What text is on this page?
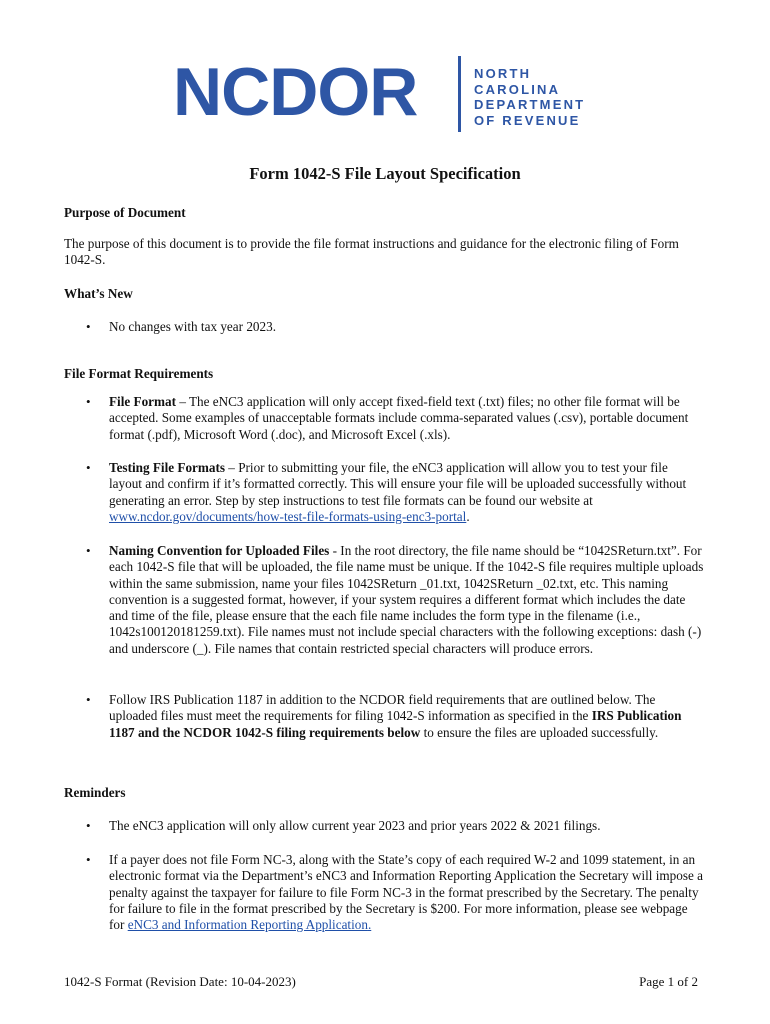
NCDOR	NORTH
CAROLINA
DEPARTMENT
OF REVENUE
Form 1042-S File Layout Specification
Purpose of Document
The purpose of this document is to provide the file format instructions and guidance for the electronic filing of Form 1042-S.
What’s New
• No changes with tax year 2023.
File Format Requirements
• File Format – The eNC3 application will only accept fixed-field text (.txt) files; no other file format will be accepted. Some examples of unacceptable formats include comma-separated values (.csv), portable document format (.pdf), Microsoft Word (.doc), and Microsoft Excel (.xls).
• Testing File Formats – Prior to submitting your file, the eNC3 application will allow you to test your file layout and confirm if it’s formatted correctly. This will ensure your file will be uploaded successfully without generating an error. Step by step instructions to test file formats can be found our website at www.ncdor.gov/documents/how-test-file-formats-using-enc3-portal.
• Naming Convention for Uploaded Files - In the root directory, the file name should be “1042SReturn.txt”. For each 1042-S file that will be uploaded, the file name must be unique. If the 1042-S file requires multiple uploads within the same submission, name your files 1042SReturn _01.txt, 1042SReturn _02.txt, etc. This naming convention is a suggested format, however, if your system requires a different format which includes the date and time of the file, please ensure that the each file name includes the form type in the filename (i.e., 1042s100120181259.txt). File names must not include special characters with the following exceptions: dash (-) and underscore (_). File names that contain restricted special characters will produce errors.
• Follow IRS Publication 1187 in addition to the NCDOR field requirements that are outlined below. The uploaded files must meet the requirements for filing 1042-S information as specified in the IRS Publication 1187 and the NCDOR 1042-S filing requirements below to ensure the files are uploaded successfully.
Reminders
• The eNC3 application will only allow current year 2023 and prior years 2022 & 2021 filings.
• If a payer does not file Form NC-3, along with the State’s copy of each required W-2 and 1099 statement, in an electronic format via the Department’s eNC3 and Information Reporting Application the Secretary will impose a penalty against the taxpayer for failure to file Form NC-3 in the format prescribed by the Secretary. The penalty for failure to file in the format prescribed by the Secretary is $200. For more information, please see webpage for eNC3 and Information Reporting Application.
1042-S Format (Revision Date: 10-04-2023)	Page 1 of 2
